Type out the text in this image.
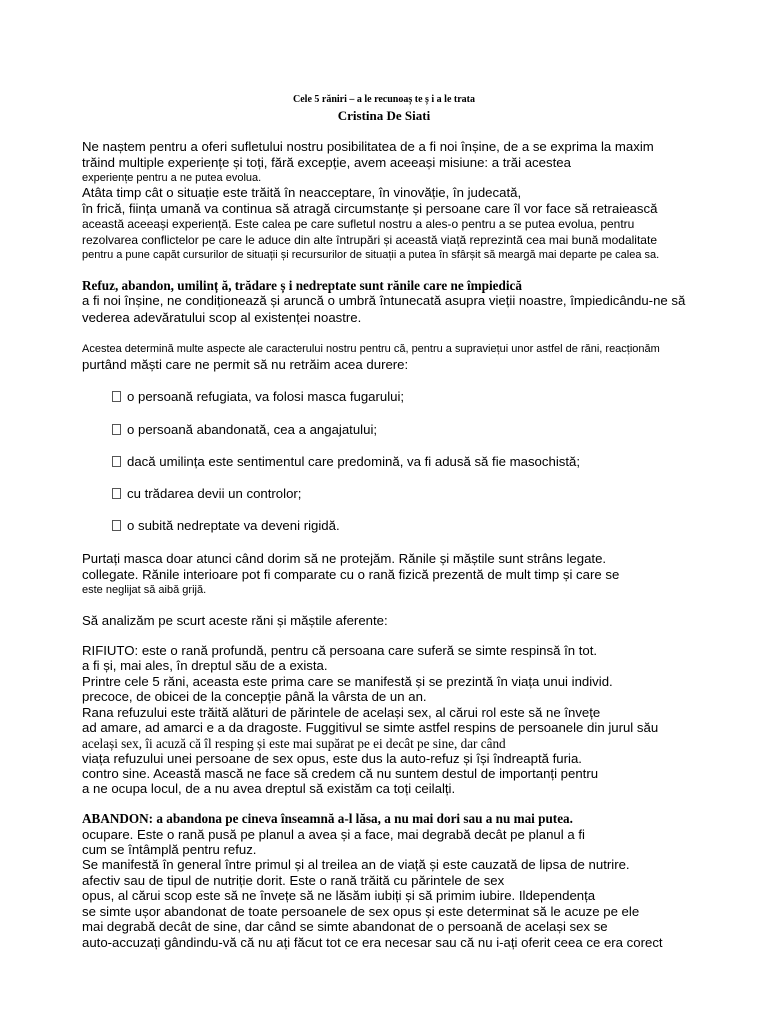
Cele 5 răniri – a le recunoaș te ș i a le trata
Cristina De Siati
Ne naștem pentru a oferi sufletului nostru posibilitatea de a fi noi înșine, de a se exprima la maxim
trăind multiple experiențe și toți, fără excepție, avem aceeași misiune: a trăi acestea
experiențe pentru a ne putea evolua.
Atâta timp cât o situație este trăită în neacceptare, în vinovăție, în judecată,
în frică, ființa umană va continua să atragă circumstanțe și persoane care îl vor face să retraiească
această aceeași experiență. Este calea pe care sufletul nostru a ales-o pentru a se putea evolua, pentru
rezolvarea conflictelor pe care le aduce din alte întrupări și această viață reprezintă cea mai bună modalitate
pentru a pune capăt cursurilor de situații și recursurilor de situații a putea în sfârșit să meargă mai departe pe calea sa.
Refuz, abandon, umilinț ă, trădare ș i nedreptate sunt rănile care ne împiedică
a fi noi înșine, ne condiționează și aruncă o umbră întunecată asupra vieții noastre, împiedicându-ne să
vederea adevăratului scop al existenței noastre.
Acestea determină multe aspecte ale caracterului nostru pentru că, pentru a supraviețui unor astfel de răni, reacționăm
purtând măști care ne permit să nu retrăim acea durere:
o persoană refugiata, va folosi masca fugarului;
o persoană abandonată, cea a angajatului;
dacă umilința este sentimentul care predomină, va fi adusă să fie masochistă;
cu trădarea devii un controlor;
o subită nedreptate va deveni rigidă.
Purtați masca doar atunci când dorim să ne protejăm. Rănile și măștile sunt strâns legate.
collegate. Rănile interioare pot fi comparate cu o rană fizică prezentă de mult timp și care se
este neglijat să aibă grijă.
Să analizăm pe scurt aceste răni și măștile aferente:
RIFIUTO: este o rană profundă, pentru că persoana care suferă se simte respinsă în tot.
a fi și, mai ales, în dreptul său de a exista.
Printre cele 5 răni, aceasta este prima care se manifestă și se prezintă în viața unui individ.
precoce, de obicei de la concepție până la vârsta de un an.
Rana refuzului este trăită alături de părintele de același sex, al cărui rol este să ne învețe
ad amare, ad amarci e a da dragoste. Fuggitivul se simte astfel respins de persoanele din jurul său
același sex, îi acuză că îl resping și este mai supărat pe ei decât pe sine, dar când
viața refuzului unei persoane de sex opus, este dus la auto-refuz și își îndreaptă furia.
contro sine. Această mască ne face să credem că nu suntem destul de importanți pentru
a ne ocupa locul, de a nu avea dreptul să existăm ca toți ceilalți.
ABANDON: a abandona pe cineva înseamnă a-l lăsa, a nu mai dori sau a nu mai putea.
ocupare. Este o rană pusă pe planul a avea și a face, mai degrabă decât pe planul a fi
cum se întâmplă pentru refuz.
Se manifestă în general între primul și al treilea an de viață și este cauzată de lipsa de nutrire.
afectiv sau de tipul de nutriție dorit. Este o rană trăită cu părintele de sex
opus, al cărui scop este să ne învețe să ne lăsăm iubiți și să primim iubire. Ildependența
se simte ușor abandonat de toate persoanele de sex opus și este determinat să le acuze pe ele
mai degrabă decât de sine, dar când se simte abandonat de o persoană de același sex se
auto-accuzați gândindu-vă că nu ați făcut tot ce era necesar sau că nu i-ați oferit ceea ce era corect
